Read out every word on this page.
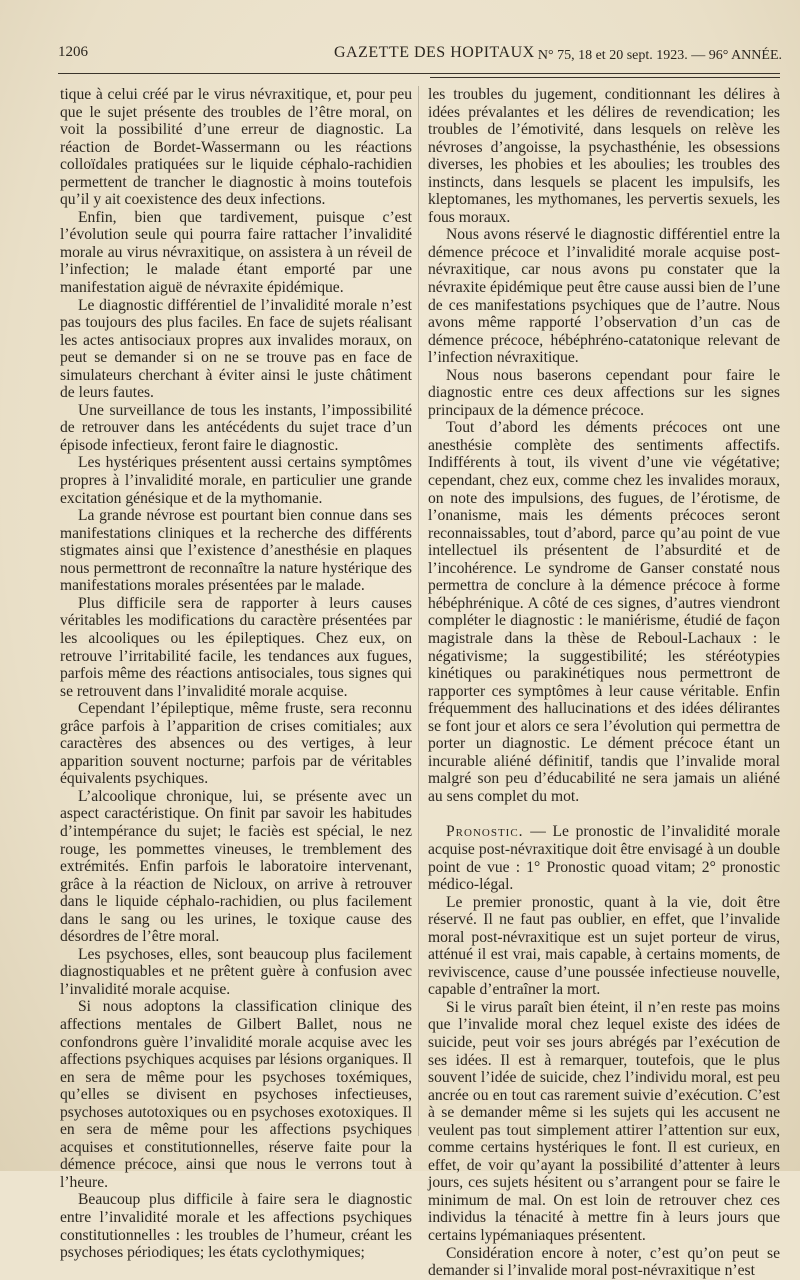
1206	GAZETTE DES HOPITAUX N° 75, 18 et 20 sept. 1923. — 96° ANNÉE.

tique à celui créé par le virus névraxitique, et, pour peu que le sujet présente des troubles de l’être moral, on voit la possibilité d’une erreur de diagnostic. La réaction de Bordet-Wassermann ou les réactions colloïdales pratiquées sur le liquide céphalo-rachidien permettent de trancher le diagnostic à moins toutefois qu’il y ait coexistence des deux infections.

Enfin, bien que tardivement, puisque c’est l’évolution seule qui pourra faire rattacher l’invalidité morale au virus névraxitique, on assistera à un réveil de l’infection; le malade étant emporté par une manifestation aiguë de névraxite épidémique.

Le diagnostic différentiel de l’invalidité morale n’est pas toujours des plus faciles. En face de sujets réalisant les actes antisociaux propres aux invalides moraux, on peut se demander si on ne se trouve pas en face de simulateurs cherchant à éviter ainsi le juste châtiment de leurs fautes.

Une surveillance de tous les instants, l’impossibilité de retrouver dans les antécédents du sujet trace d’un épisode infectieux, feront faire le diagnostic.

Les hystériques présentent aussi certains symptômes propres à l’invalidité morale, en particulier une grande excitation génésique et de la mythomanie.

La grande névrose est pourtant bien connue dans ses manifestations cliniques et la recherche des différents stigmates ainsi que l’existence d’anesthésie en plaques nous permettront de reconnaître la nature hystérique des manifestations morales présentées par le malade.

Plus difficile sera de rapporter à leurs causes véritables les modifications du caractère présentées par les alcooliques ou les épileptiques. Chez eux, on retrouve l’irritabilité facile, les tendances aux fugues, parfois même des réactions antisociales, tous signes qui se retrouvent dans l’invalidité morale acquise.

Cependant l’épileptique, même fruste, sera reconnu grâce parfois à l’apparition de crises comitiales; aux caractères des absences ou des vertiges, à leur apparition souvent nocturne; parfois par de véritables équivalents psychiques.

L’alcoolique chronique, lui, se présente avec un aspect caractéristique. On finit par savoir les habitudes d’intempérance du sujet; le faciès est spécial, le nez rouge, les pommettes vineuses, le tremblement des extrémités. Enfin parfois le laboratoire intervenant, grâce à la réaction de Nicloux, on arrive à retrouver dans le liquide céphalo-rachidien, ou plus facilement dans le sang ou les urines, le toxique cause des désordres de l’être moral.

Les psychoses, elles, sont beaucoup plus facilement diagnostiquables et ne prêtent guère à confusion avec l’invalidité morale acquise.

Si nous adoptons la classification clinique des affections mentales de Gilbert Ballet, nous ne confondrons guère l’invalidité morale acquise avec les affections psychiques acquises par lésions organiques. Il en sera de même pour les psychoses toxémiques, qu’elles se divisent en psychoses infectieuses, psychoses autotoxiques ou en psychoses exotoxiques. Il en sera de même pour les affections psychiques acquises et constitutionnelles, réserve faite pour la démence précoce, ainsi que nous le verrons tout à l’heure.

Beaucoup plus difficile à faire sera le diagnostic entre l’invalidité morale et les affections psychiques constitutionnelles : les troubles de l’humeur, créant les psychoses périodiques; les états cyclothymiques;

les troubles du jugement, conditionnant les délires à idées prévalantes et les délires de revendication; les troubles de l’émotivité, dans lesquels on relève les névroses d’angoisse, la psychasthénie, les obsessions diverses, les phobies et les aboulies; les troubles des instincts, dans lesquels se placent les impulsifs, les kleptomanes, les mythomanes, les pervertis sexuels, les fous moraux.

Nous avons réservé le diagnostic différentiel entre la démence précoce et l’invalidité morale acquise post-névraxitique, car nous avons pu constater que la névraxite épidémique peut être cause aussi bien de l’une de ces manifestations psychiques que de l’autre. Nous avons même rapporté l’observation d’un cas de démence précoce, hébéphréno-catatonique relevant de l’infection névraxitique.

Nous nous baserons cependant pour faire le diagnostic entre ces deux affections sur les signes principaux de la démence précoce.

Tout d’abord les déments précoces ont une anesthésie complète des sentiments affectifs. Indifférents à tout, ils vivent d’une vie végétative; cependant, chez eux, comme chez les invalides moraux, on note des impulsions, des fugues, de l’érotisme, de l’onanisme, mais les déments précoces seront reconnaissables, tout d’abord, parce qu’au point de vue intellectuel ils présentent de l’absurdité et de l’incohérence. Le syndrome de Ganser constaté nous permettra de conclure à la démence précoce à forme hébéphrénique. A côté de ces signes, d’autres viendront compléter le diagnostic : le maniérisme, étudié de façon magistrale dans la thèse de Reboul-Lachaux : le négativisme; la suggestibilité; les stéréotypies kinétiques ou parakinétiques nous permettront de rapporter ces symptômes à leur cause véritable. Enfin fréquemment des hallucinations et des idées délirantes se font jour et alors ce sera l’évolution qui permettra de porter un diagnostic. Le dément précoce étant un incurable aliéné définitif, tandis que l’invalide moral malgré son peu d’éducabilité ne sera jamais un aliéné au sens complet du mot.

Pronostic. — Le pronostic de l’invalidité morale acquise post-névraxitique doit être envisagé à un double point de vue : 1° Pronostic quoad vitam; 2° pronostic médico-légal.

Le premier pronostic, quant à la vie, doit être réservé. Il ne faut pas oublier, en effet, que l’invalide moral post-névraxitique est un sujet porteur de virus, atténué il est vrai, mais capable, à certains moments, de reviviscence, cause d’une poussée infectieuse nouvelle, capable d’entraîner la mort.

Si le virus paraît bien éteint, il n’en reste pas moins que l’invalide moral chez lequel existe des idées de suicide, peut voir ses jours abrégés par l’exécution de ses idées. Il est à remarquer, toutefois, que le plus souvent l’idée de suicide, chez l’individu moral, est peu ancrée ou en tout cas rarement suivie d’exécution. C’est à se demander même si les sujets qui les accusent ne veulent pas tout simplement attirer l’attention sur eux, comme certains hystériques le font. Il est curieux, en effet, de voir qu’ayant la possibilité d’attenter à leurs jours, ces sujets hésitent ou s’arrangent pour se faire le minimum de mal. On est loin de retrouver chez ces individus la ténacité à mettre fin à leurs jours que certains lypémaniaques présentent.

Considération encore à noter, c’est qu’on peut se demander si l’invalide moral post-névraxitique n’est
